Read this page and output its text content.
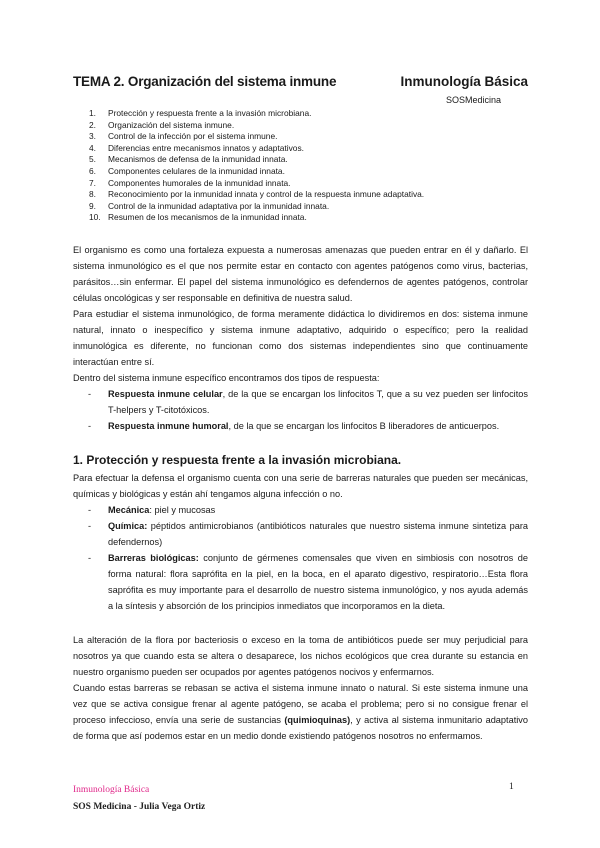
TEMA 2. Organización del sistema inmune	Inmunología Básica
SOSMedicina
1. Protección y respuesta frente a la invasión microbiana.
2. Organización del sistema inmune.
3. Control de la infección por el sistema inmune.
4. Diferencias entre mecanismos innatos y adaptativos.
5. Mecanismos de defensa de la inmunidad innata.
6. Componentes celulares de la inmunidad innata.
7. Componentes humorales de la inmunidad innata.
8. Reconocimiento por la inmunidad innata y control de la respuesta inmune adaptativa.
9. Control de la inmunidad adaptativa por la inmunidad innata.
10. Resumen de los mecanismos de la inmunidad innata.

El organismo es como una fortaleza expuesta a numerosas amenazas que pueden entrar en él y dañarlo. El sistema inmunológico es el que nos permite estar en contacto con agentes patógenos como virus, bacterias, parásitos…sin enfermar. El papel del sistema inmunológico es defendernos de agentes patógenos, controlar células oncológicas y ser responsable en definitiva de nuestra salud.

Para estudiar el sistema inmunológico, de forma meramente didáctica lo dividiremos en dos: sistema inmune natural, innato o inespecífico y sistema inmune adaptativo, adquirido o específico; pero la realidad inmunológica es diferente, no funcionan como dos sistemas independientes sino que continuamente interactúan entre sí.

Dentro del sistema inmune específico encontramos dos tipos de respuesta:

- Respuesta inmune celular, de la que se encargan los linfocitos T, que a su vez pueden ser linfocitos T-helpers y T-citotóxicos.
- Respuesta inmune humoral, de la que se encargan los linfocitos B liberadores de anticuerpos.
1. Protección y respuesta frente a la invasión microbiana.

Para efectuar la defensa el organismo cuenta con una serie de barreras naturales que pueden ser mecánicas, químicas y biológicas y están ahí tengamos alguna infección o no.

- Mecánica: piel y mucosas
- Química: péptidos antimicrobianos (antibióticos naturales que nuestro sistema inmune sintetiza para defendernos)
- Barreras biológicas: conjunto de gérmenes comensales que viven en simbiosis con nosotros de forma natural: flora saprófita en la piel, en la boca, en el aparato digestivo, respiratorio…Esta flora saprófita es muy importante para el desarrollo de nuestro sistema inmunológico, y nos ayuda además a la síntesis y absorción de los principios inmediatos que incorporamos en la dieta.

La alteración de la flora por bacteriosis o exceso en la toma de antibióticos puede ser muy perjudicial para nosotros ya que cuando esta se altera o desaparece, los nichos ecológicos que crea durante su estancia en nuestro organismo pueden ser ocupados por agentes patógenos nocivos y enfermarnos.

Cuando estas barreras se rebasan se activa el sistema inmune innato o natural. Si este sistema inmune una vez que se activa consigue frenar al agente patógeno, se acaba el problema; pero si no consigue frenar el proceso infeccioso, envía una serie de sustancias (quimioquinas), y activa al sistema inmunitario adaptativo de forma que así podemos estar en un medio donde existiendo patógenos nosotros no enfermamos.

Inmunología Básica
SOS Medicina - Julia Vega Ortiz
1
